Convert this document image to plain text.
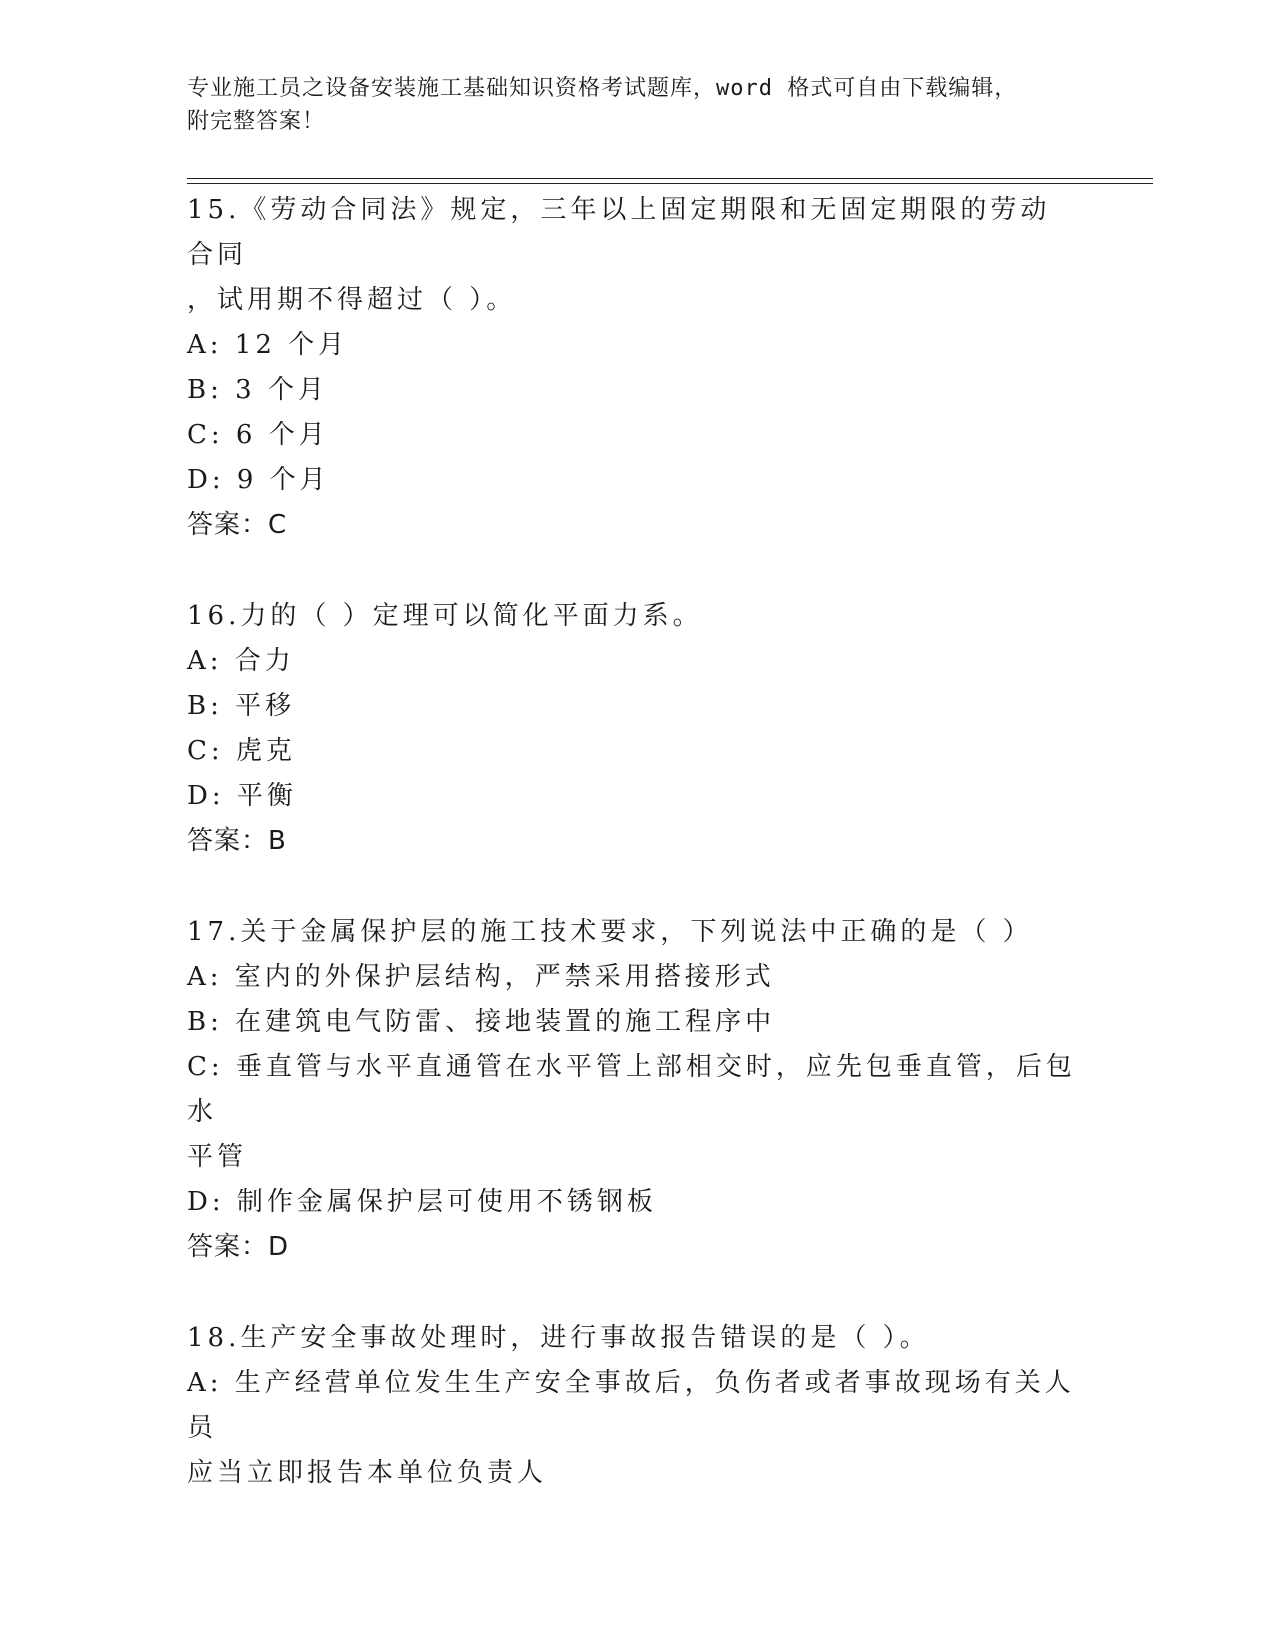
专业施工员之设备安装施工基础知识资格考试题库，word 格式可自由下载编辑，
附完整答案！

15.《劳动合同法》规定，三年以上固定期限和无固定期限的劳动合同

，试用期不得超过（ ）。

A: 12 个月

B: 3 个月

C: 6 个月

D: 9 个月

答案：C

16.力的（ ）定理可以简化平面力系。

A: 合力

B: 平移

C: 虎克

D: 平衡

答案：B

17.关于金属保护层的施工技术要求，下列说法中正确的是（ ）

A: 室内的外保护层结构，严禁采用搭接形式

B: 在建筑电气防雷、接地装置的施工程序中

C: 垂直管与水平直通管在水平管上部相交时，应先包垂直管，后包水

平管

D: 制作金属保护层可使用不锈钢板

答案：D

18.生产安全事故处理时，进行事故报告错误的是（ ）。

A: 生产经营单位发生生产安全事故后，负伤者或者事故现场有关人员

应当立即报告本单位负责人
